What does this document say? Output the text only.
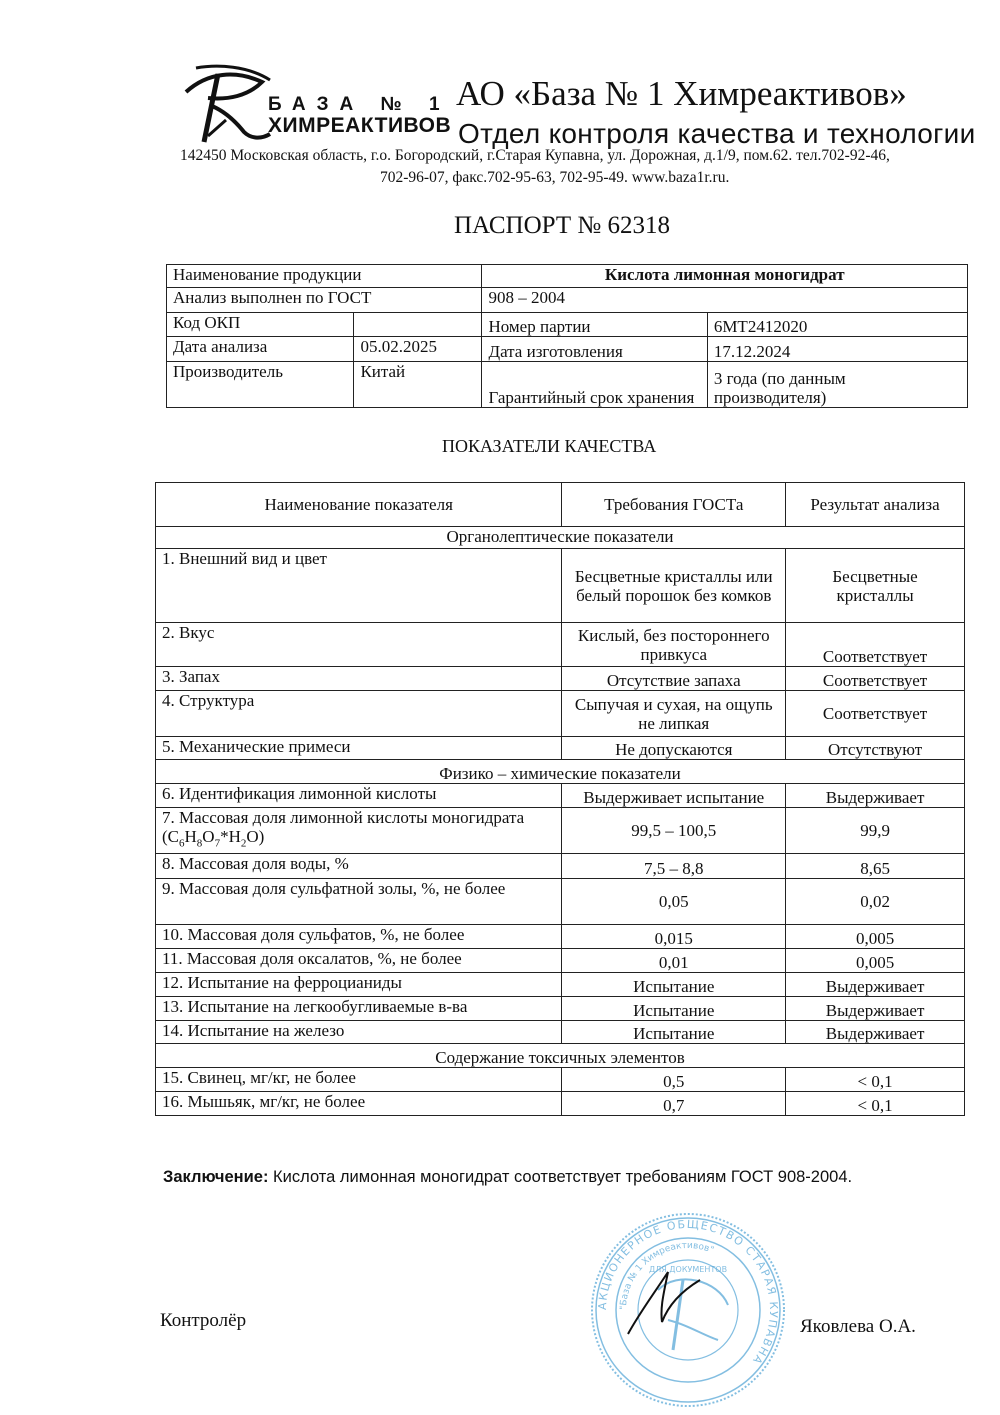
БАЗА № 1
ХИМРЕАКТИВОВ
АО «База № 1 Химреактивов»
Отдел контроля качества и технологии
142450 Московская область, г.о. Богородский, г.Старая Купавна, ул. Дорожная, д.1/9, пом.62. тел.702-92-46,
702-96-07, факс.702-95-63, 702-95-49. www.baza1r.ru.
ПАСПОРТ № 62318
Наименование продукции		Кислота лимонная моногидрат	
Анализ выполнен по ГОСТ		908 – 2004	
Код ОКП		Номер партии	6MT2412020
Дата анализа	05.02.2025	Дата изготовления	17.12.2024
Производитель	Китай	Гарантийный срок хранения	3 года (по данным производителя)
ПОКАЗАТЕЛИ КАЧЕСТВА
Наименование показателя	Требования ГОСТа	Результат анализа
Органолептические показатели		
1. Внешний вид и цвет	Бесцветные кристаллы или белый порошок без комков	Бесцветные кристаллы
2. Вкус	Кислый, без постороннего привкуса	Соответствует
3. Запах	Отсутствие запаха	Соответствует
4. Структура	Сыпучая и сухая, на ощупь не липкая	Соответствует
5. Механические примеси	Не допускаются	Отсутствуют
Физико – химические показатели		
6. Идентификация лимонной кислоты	Выдерживает испытание	Выдерживает
7. Массовая доля лимонной кислоты моногидрата $(C_6H_8O_7*H_2O)$	99,5 – 100,5	99,9
8. Массовая доля воды, %	7,5 – 8,8	8,65
9. Массовая доля сульфатной золы, %, не более	0,05	0,02
10. Массовая доля сульфатов, %, не более	0,015	0,005
11. Массовая доля оксалатов, %, не более	0,01	0,005
12. Испытание на ферроцианиды	Испытание	Выдерживает
13. Испытание на легкообугливаемые в-ва	Испытание	Выдерживает
14. Испытание на железо	Испытание	Выдерживает
Содержание токсичных элементов		
15. Свинец, мг/кг, не более	0,5	< 0,1
16. Мышьяк, мг/кг, не более	0,7	< 0,1
Заключение: Кислота лимонная моногидрат соответствует требованиям ГОСТ 908-2004.
АКЦИОНЕРНОЕ ОБЩЕСТВО СТАРАЯ КУПАВНА
"База № 1 Химреактивов"
ДЛЯ ДОКУМЕНТОВ
Контролёр	Яковлева О.А.
